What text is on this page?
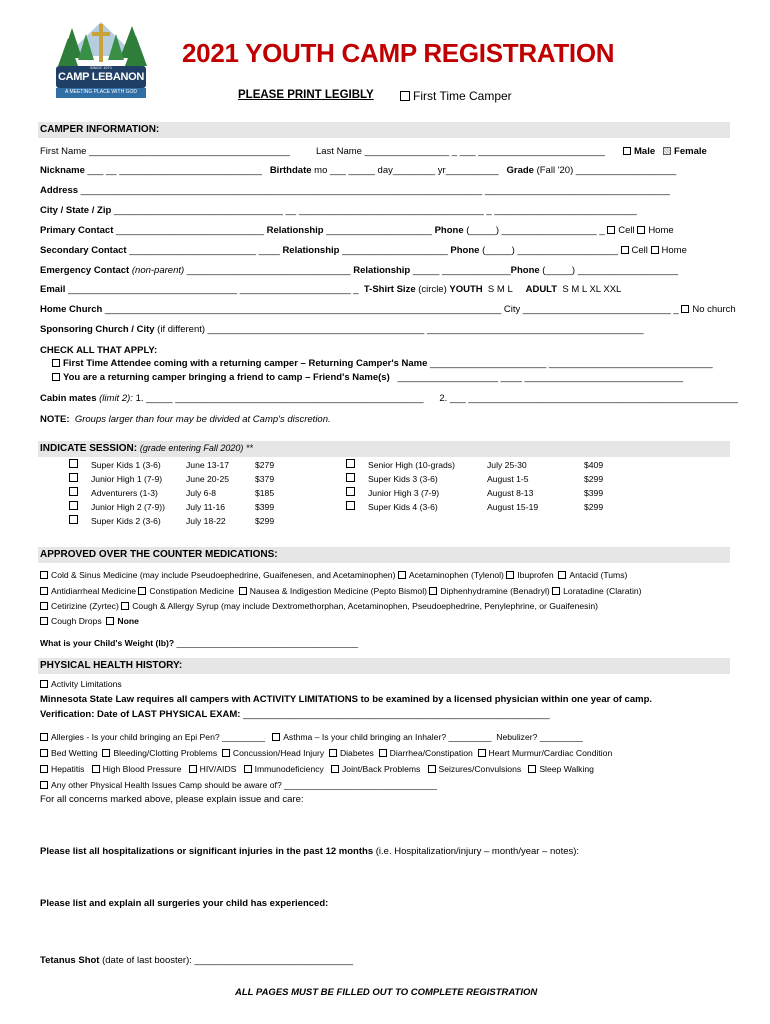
SINCE 1971
CAMP LEBANON
A MEETING PLACE WITH GOD
2021 YOUTH CAMP REGISTRATION
PLEASE PRINT LEGIBLY	First Time Camper
CAMPER INFORMATION:
First Name ______________________________________	Last Name ________________ _ ___ ________________________	Male Female
Nickname ___ __ ___________________________   Birthdate mo ___ _____ day________ yr__________   Grade (Fall '20) ___________________
Address ____________________________________________________________________________ ___________________________________
City / State / Zip ________________________________ __ ___________________________________ _ ___________________________
Primary Contact ____________________________ Relationship ____________________ Phone (_____) __________________ _ Cell Home
Secondary Contact ________________________ ____ Relationship ____________________ Phone (_____) ___________________ Cell Home
Emergency Contact (non-parent) _______________________________ Relationship _____ _____________Phone (_____) ___________________
Email ________________________________ _____________________ _  T-Shirt Size (circle) YOUTH S M L ADULT S M L XL XXL
Home Church ___________________________________________________________________________ City ____________________________ _ No church
Sponsoring Church / City (if different) _________________________________________ _________________________________________
CHECK ALL THAT APPLY:
First Time Attendee coming with a returning camper – Returning Camper's Name ______________________ _______________________________
You are a returning camper bringing a friend to camp – Friend's Name(s)   ___________________ ____ ______________________________
Cabin mates (limit 2): 1. _____ _______________________________________________      2. ___ ___________________________________________________
NOTE: Groups larger than four may be divided at Camp's discretion.
INDICATE SESSION: (grade entering Fall 2020) **
Super Kids 1 (3-6)	June 13-17	$279
Junior High 1 (7-9)	June 20-25	$379
Adventurers (1-3)	July 6-8	$185
Junior High 2 (7-9)) July 11-16	$399
Super Kids 2 (3-6)	July 18-22	$299
Senior High (10-grads)	July 25-30	$409
Super Kids 3 (3-6)	August 1-5	$299
Junior High 3 (7-9)	August 8-13	$399
Super Kids 4 (3-6)	August 15-19	$299
APPROVED OVER THE COUNTER MEDICATIONS:
Cold & Sinus Medicine (may include Pseudoephedrine, Guaifenesen, and Acetaminophen) Acetaminophen (Tylenol) Ibuprofen Antacid (Tums)
Antidiarrheal Medicine Constipation Medicine Nausea & Indigestion Medicine (Pepto Bismol) Diphenhydramine (Benadryl) Loratadine (Claratin)
Cetirizine (Zyrtec) Cough & Allergy Syrup (may include Dextromethorphan, Acetaminophen, Pseudoephedrine, Penylephrine, or Guaifenesin)
Cough Drops None
What is your Child's Weight (lb)? ______________________________________
PHYSICAL HEALTH HISTORY:
Activity Limitations
Minnesota State Law requires all campers with ACTIVITY LIMITATIONS to be examined by a licensed physician within one year of camp.
Verification: Date of LAST PHYSICAL EXAM: __________________________________________________________
Allergies - Is your child bringing an Epi Pen? _________   Asthma – Is your child bringing an Inhaler? _________  Nebulizer? _________
Bed Wetting Bleeding/Clotting Problems Concussion/Head Injury Diabetes Diarrhea/Constipation Heart Murmur/Cardiac Condition
Hepatitis High Blood Pressure HIV/AIDS Immunodeficiency Joint/Back Problems Seizures/Convulsions Sleep Walking
Any other Physical Health Issues Camp should be aware of? ________________________________
For all concerns marked above, please explain issue and care:
Please list all hospitalizations or significant injuries in the past 12 months (i.e. Hospitalization/injury – month/year – notes):
Please list and explain all surgeries your child has experienced:
Tetanus Shot (date of last booster): ______________________________
ALL PAGES MUST BE FILLED OUT TO COMPLETE REGISTRATION
